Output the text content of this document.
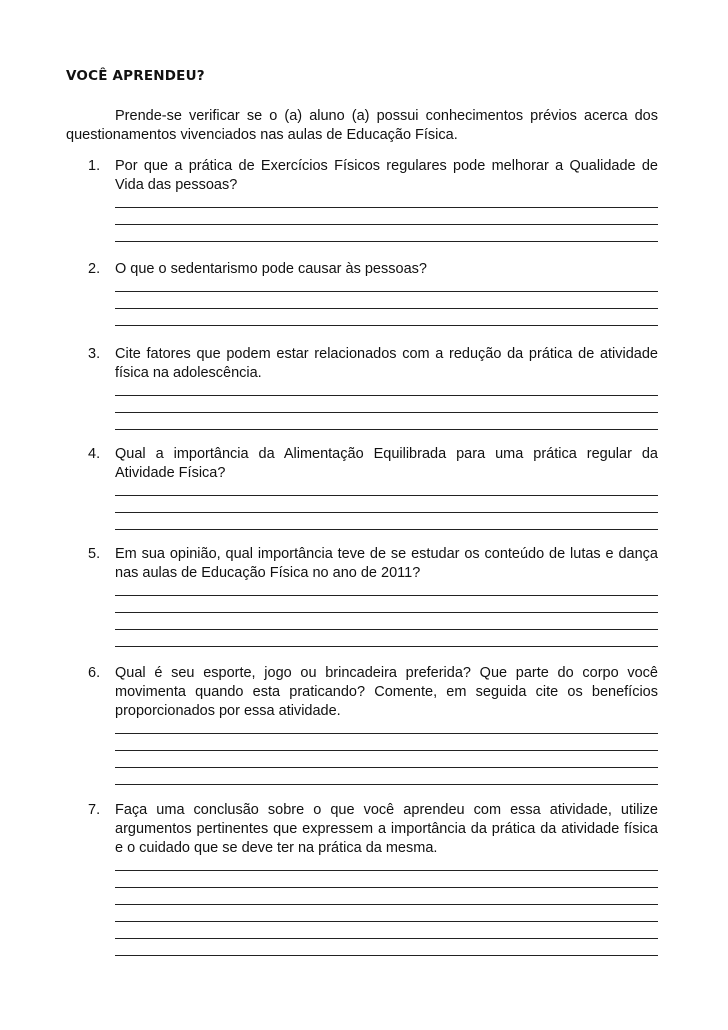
VOCÊ APRENDEU?

Prende-se verificar se o (a) aluno (a) possui conhecimentos prévios acerca dos questionamentos vivenciados nas aulas de Educação Física.

1. Por que a prática de Exercícios Físicos regulares pode melhorar a Qualidade de Vida das pessoas?
2. O que o sedentarismo pode causar às pessoas?
3. Cite fatores que podem estar relacionados com a redução da prática de atividade física na adolescência.
4. Qual a importância da Alimentação Equilibrada para uma prática regular da Atividade Física?
5. Em sua opinião, qual importância teve de se estudar os conteúdo de lutas e dança nas aulas de Educação Física no ano de 2011?
6. Qual é seu esporte, jogo ou brincadeira preferida? Que parte do corpo você movimenta quando esta praticando? Comente, em seguida cite os benefícios proporcionados por essa atividade.
7. Faça uma conclusão sobre o que você aprendeu com essa atividade, utilize argumentos pertinentes que expressem a importância da prática da atividade física e o cuidado que se deve ter na prática da mesma.
